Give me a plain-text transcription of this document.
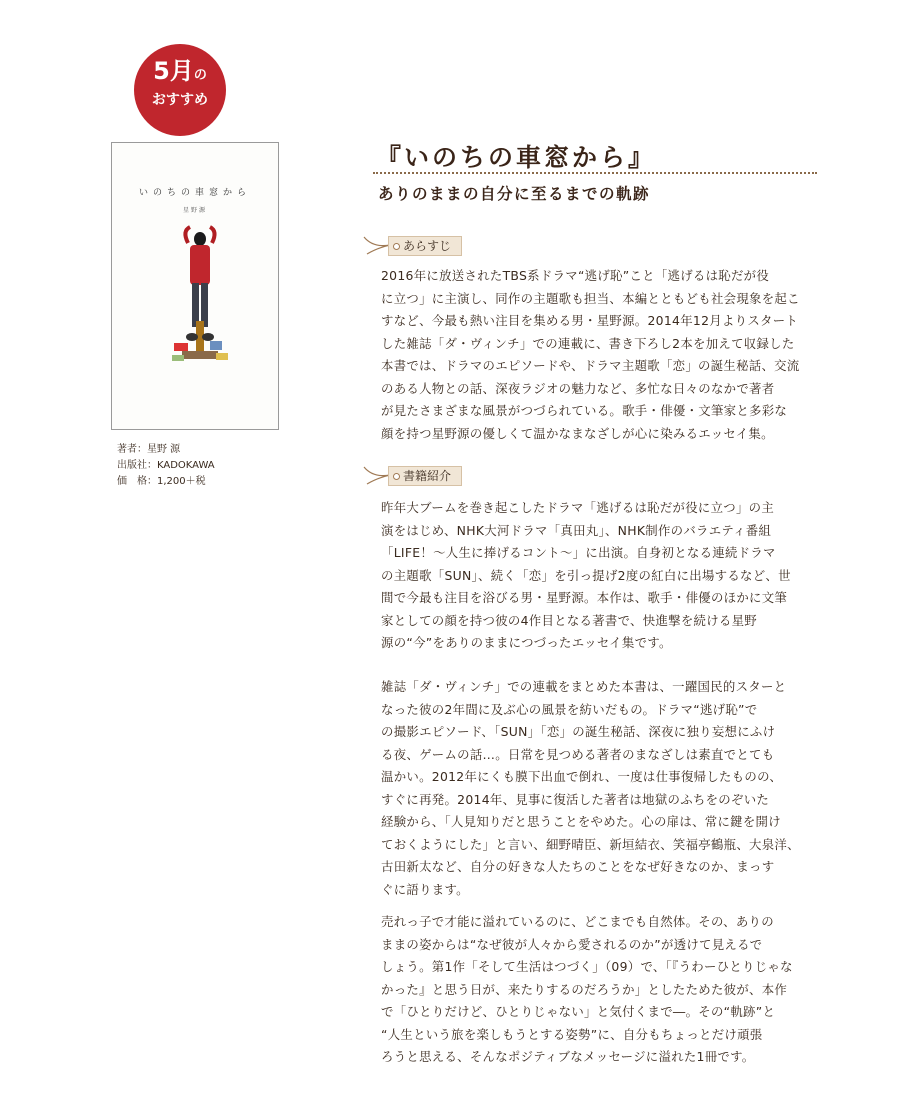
5月の
おすすめ
いのちの車窓から
星野源
著者：星野 源
出版社：KADOKAWA
価　格：1,200＋税
『いのちの車窓から』
ありのままの自分に至るまでの軌跡
あらすじ
2016年に放送されたTBS系ドラマ“逃げ恥”こと「逃げるは恥だが役
に立つ」に主演し、同作の主題歌も担当、本編とともども社会現象を起こ
すなど、今最も熱い注目を集める男・星野源。2014年12月よりスタート
した雑誌「ダ・ヴィンチ」での連載に、書き下ろし2本を加えて収録した
本書では、ドラマのエピソードや、ドラマ主題歌「恋」の誕生秘話、交流
のある人物との話、深夜ラジオの魅力など、多忙な日々のなかで著者
が見たさまざまな風景がつづられている。歌手・俳優・文筆家と多彩な
顔を持つ星野源の優しくて温かなまなざしが心に染みるエッセイ集。
書籍紹介
昨年大ブームを巻き起こしたドラマ「逃げるは恥だが役に立つ」の主
演をはじめ、NHK大河ドラマ「真田丸」、NHK制作のバラエティ番組
「LIFE！〜人生に捧げるコント〜」に出演。自身初となる連続ドラマ
の主題歌「SUN」、続く「恋」を引っ提げ2度の紅白に出場するなど、世
間で今最も注目を浴びる男・星野源。本作は、歌手・俳優のほかに文筆
家としての顔を持つ彼の4作目となる著書で、快進撃を続ける星野
源の“今”をありのままにつづったエッセイ集です。
雑誌「ダ・ヴィンチ」での連載をまとめた本書は、一躍国民的スターと
なった彼の2年間に及ぶ心の風景を紡いだもの。ドラマ“逃げ恥”で
の撮影エピソード、「SUN」「恋」の誕生秘話、深夜に独り妄想にふけ
る夜、ゲームの話…。日常を見つめる著者のまなざしは素直でとても
温かい。2012年にくも膜下出血で倒れ、一度は仕事復帰したものの、
すぐに再発。2014年、見事に復活した著者は地獄のふちをのぞいた
経験から、「人見知りだと思うことをやめた。心の扉は、常に鍵を開け
ておくようにした」と言い、細野晴臣、新垣結衣、笑福亭鶴瓶、大泉洋、
古田新太など、自分の好きな人たちのことをなぜ好きなのか、まっす
ぐに語ります。
売れっ子で才能に溢れているのに、どこまでも自然体。その、ありの
ままの姿からは“なぜ彼が人々から愛されるのか”が透けて見えるで
しょう。第1作「そして生活はつづく」（09）で、「『うわーひとりじゃな
かった』と思う日が、来たりするのだろうか」としたためた彼が、本作
で「ひとりだけど、ひとりじゃない」と気付くまで―。その“軌跡”と
“人生という旅を楽しもうとする姿勢”に、自分もちょっとだけ頑張
ろうと思える、そんなポジティブなメッセージに溢れた1冊です。
